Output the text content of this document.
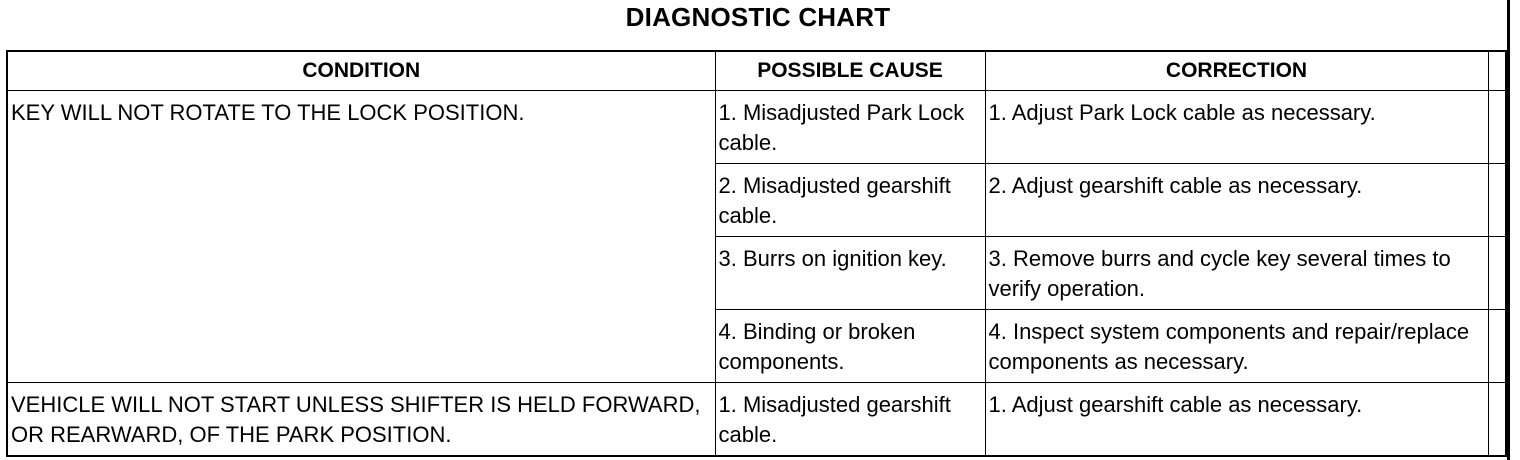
DIAGNOSTIC CHART
CONDITION	POSSIBLE CAUSE	CORRECTION	

KEY WILL NOT ROTATE TO THE LOCK POSITION.	1. Misadjusted Park Lock cable.	1. Adjust Park Lock cable as necessary.	

	2. Misadjusted gearshift cable.	2. Adjust gearshift cable as necessary.	

	3. Burrs on ignition key.	3. Remove burrs and cycle key several times to verify operation.	

	4. Binding or broken components.	4. Inspect system components and repair/replace components as necessary.	

VEHICLE WILL NOT START UNLESS SHIFTER IS HELD FORWARD, OR REARWARD, OF THE PARK POSITION.	1. Misadjusted gearshift cable.	1. Adjust gearshift cable as necessary.	
